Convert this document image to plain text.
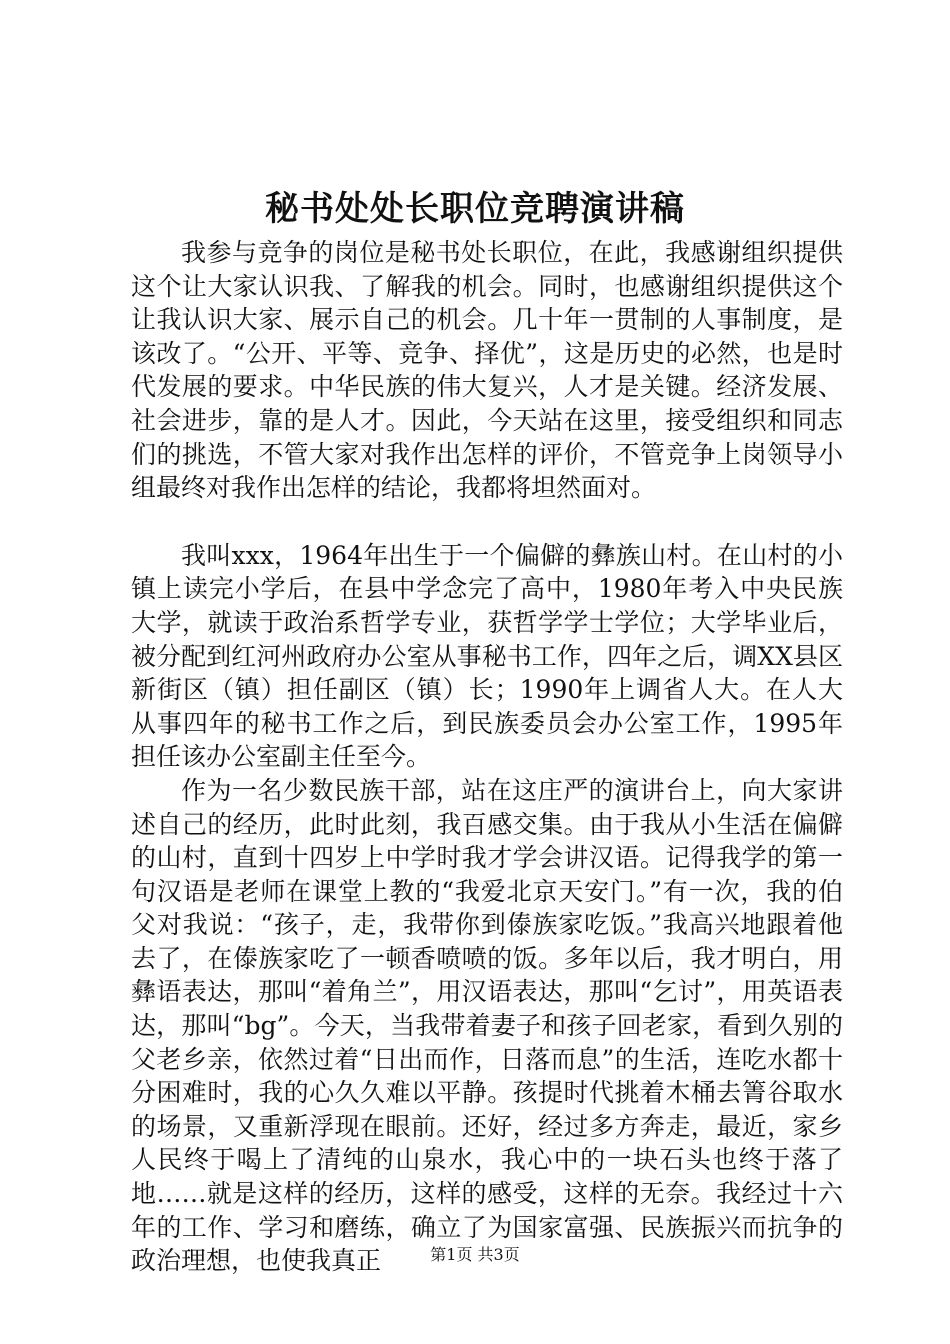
秘书处处长职位竞聘演讲稿

我参与竞争的岗位是秘书处长职位，在此，我感谢组织提供这个让大家认识我、了解我的机会。同时，也感谢组织提供这个让我认识大家、展示自己的机会。几十年一贯制的人事制度，是该改了。“公开、平等、竞争、择优”，这是历史的必然，也是时代发展的要求。中华民族的伟大复兴，人才是关键。经济发展、社会进步，靠的是人才。因此，今天站在这里，接受组织和同志们的挑选，不管大家对我作出怎样的评价，不管竞争上岗领导小组最终对我作出怎样的结论，我都将坦然面对。

我叫xxx，1964年出生于一个偏僻的彝族山村。在山村的小镇上读完小学后，在县中学念完了高中，1980年考入中央民族大学，就读于政治系哲学专业，获哲学学士学位；大学毕业后，被分配到红河州政府办公室从事秘书工作，四年之后，调XX县区新街区（镇）担任副区（镇）长；1990年上调省人大。在人大从事四年的秘书工作之后，到民族委员会办公室工作，1995年担任该办公室副主任至今。

作为一名少数民族干部，站在这庄严的演讲台上，向大家讲述自己的经历，此时此刻，我百感交集。由于我从小生活在偏僻的山村，直到十四岁上中学时我才学会讲汉语。记得我学的第一句汉语是老师在课堂上教的“我爱北京天安门。”有一次，我的伯父对我说：“孩子，走，我带你到傣族家吃饭。”我高兴地跟着他去了，在傣族家吃了一顿香喷喷的饭。多年以后，我才明白，用彝语表达，那叫“着角兰”，用汉语表达，那叫“乞讨”，用英语表达，那叫“bg”。今天，当我带着妻子和孩子回老家，看到久别的父老乡亲，依然过着“日出而作，日落而息”的生活，连吃水都十分困难时，我的心久久难以平静。孩提时代挑着木桶去箐谷取水的场景，又重新浮现在眼前。还好，经过多方奔走，最近，家乡人民终于喝上了清纯的山泉水，我心中的一块石头也终于落了地……就是这样的经历，这样的感受，这样的无奈。我经过十六年的工作、学习和磨练，确立了为国家富强、民族振兴而抗争的政治理想，也使我真正	第1页 共3页
